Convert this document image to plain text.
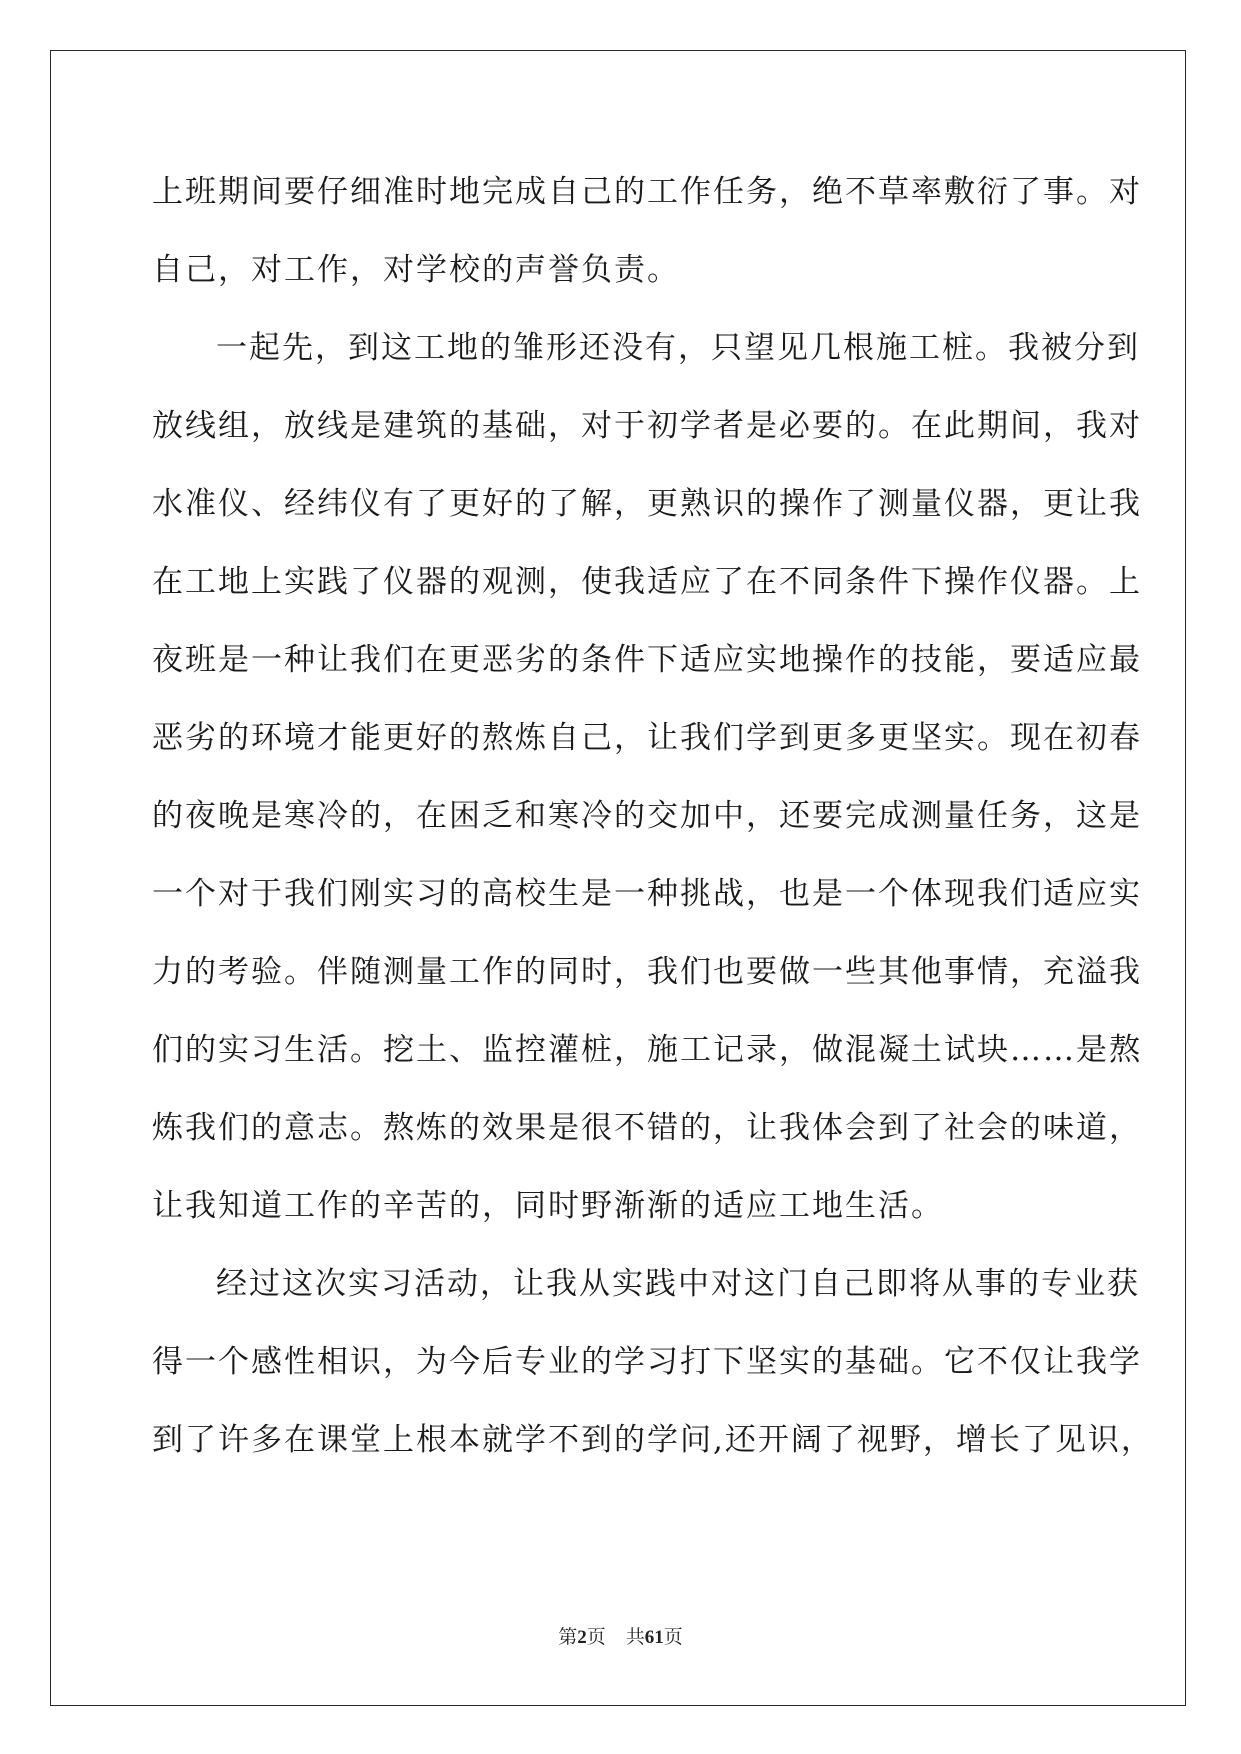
上班期间要仔细准时地完成自己的工作任务，绝不草率敷衍了事。对
自己，对工作，对学校的声誉负责。
一起先，到这工地的雏形还没有，只望见几根施工桩。我被分到
放线组，放线是建筑的基础，对于初学者是必要的。在此期间，我对
水准仪、经纬仪有了更好的了解，更熟识的操作了测量仪器，更让我
在工地上实践了仪器的观测，使我适应了在不同条件下操作仪器。上
夜班是一种让我们在更恶劣的条件下适应实地操作的技能，要适应最
恶劣的环境才能更好的熬炼自己，让我们学到更多更坚实。现在初春
的夜晚是寒冷的，在困乏和寒冷的交加中，还要完成测量任务，这是
一个对于我们刚实习的高校生是一种挑战，也是一个体现我们适应实
力的考验。伴随测量工作的同时，我们也要做一些其他事情，充溢我
们的实习生活。挖土、监控灌桩，施工记录，做混凝土试块……是熬
炼我们的意志。熬炼的效果是很不错的，让我体会到了社会的味道，
让我知道工作的辛苦的，同时野渐渐的适应工地生活。
经过这次实习活动，让我从实践中对这门自己即将从事的专业获
得一个感性相识，为今后专业的学习打下坚实的基础。它不仅让我学
到了许多在课堂上根本就学不到的学问,还开阔了视野，增长了见识，
第2页 共61页
